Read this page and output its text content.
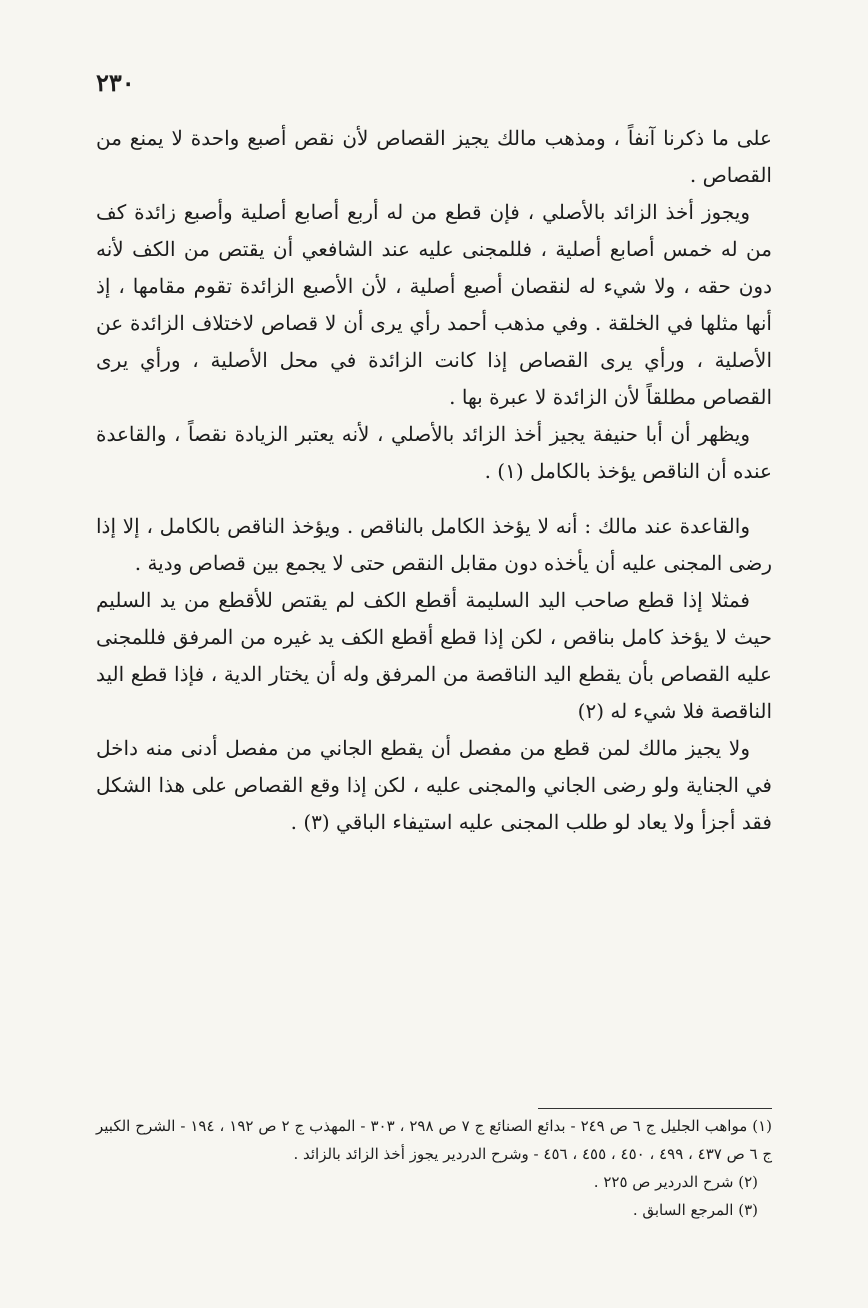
٢٣٠

على ما ذكرنا آنفاً ، ومذهب مالك يجيز القصاص لأن نقص أصبع واحدة لا يمنع من القصاص .

ويجوز أخذ الزائد بالأصلي ، فإن قطع من له أربع أصابع أصلية وأصبع زائدة كف من له خمس أصابع أصلية ، فللمجنى عليه عند الشافعي أن يقتص من الكف لأنه دون حقه ، ولا شيء له لنقصان أصبع أصلية ، لأن الأصبع الزائدة تقوم مقامها ، إذ أنها مثلها في الخلقة . وفي مذهب أحمد رأي يرى أن لا قصاص لاختلاف الزائدة عن الأصلية ، ورأي يرى القصاص إذا كانت الزائدة في محل الأصلية ، ورأي يرى القصاص مطلقاً لأن الزائدة لا عبرة بها .

ويظهر أن أبا حنيفة يجيز أخذ الزائد بالأصلي ، لأنه يعتبر الزيادة نقصاً ، والقاعدة عنده أن الناقص يؤخذ بالكامل (١) .

والقاعدة عند مالك : أنه لا يؤخذ الكامل بالناقص . ويؤخذ الناقص بالكامل ، إلا إذا رضى المجنى عليه أن يأخذه دون مقابل النقص حتى لا يجمع بين قصاص ودية .

فمثلا إذا قطع صاحب اليد السليمة أقطع الكف لم يقتص للأقطع من يد السليم حيث لا يؤخذ كامل بناقص ، لكن إذا قطع أقطع الكف يد غيره من المرفق فللمجنى عليه القصاص بأن يقطع اليد الناقصة من المرفق وله أن يختار الدية ، فإذا قطع اليد الناقصة فلا شيء له (٢)

ولا يجيز مالك لمن قطع من مفصل أن يقطع الجاني من مفصل أدنى منه داخل في الجناية ولو رضى الجاني والمجنى عليه ، لكن إذا وقع القصاص على هذا الشكل فقد أجزأ ولا يعاد لو طلب المجنى عليه استيفاء الباقي (٣) .

(١) مواهب الجليل ج ٦ ص ٢٤٩ - بدائع الصنائع ج ٧ ص ٢٩٨ ، ٣٠٣ - المهذب ج ٢ ص ١٩٢ ، ١٩٤ - الشرح الكبير ج ٦ ص ٤٣٧ ، ٤٩٩ ، ٤٥٠ ، ٤٥٥ ، ٤٥٦ - وشرح الدردير يجوز أخذ الزائد بالزائد .

(٢) شرح الدردير ص ٢٢٥ .

(٣) المرجع السابق .
